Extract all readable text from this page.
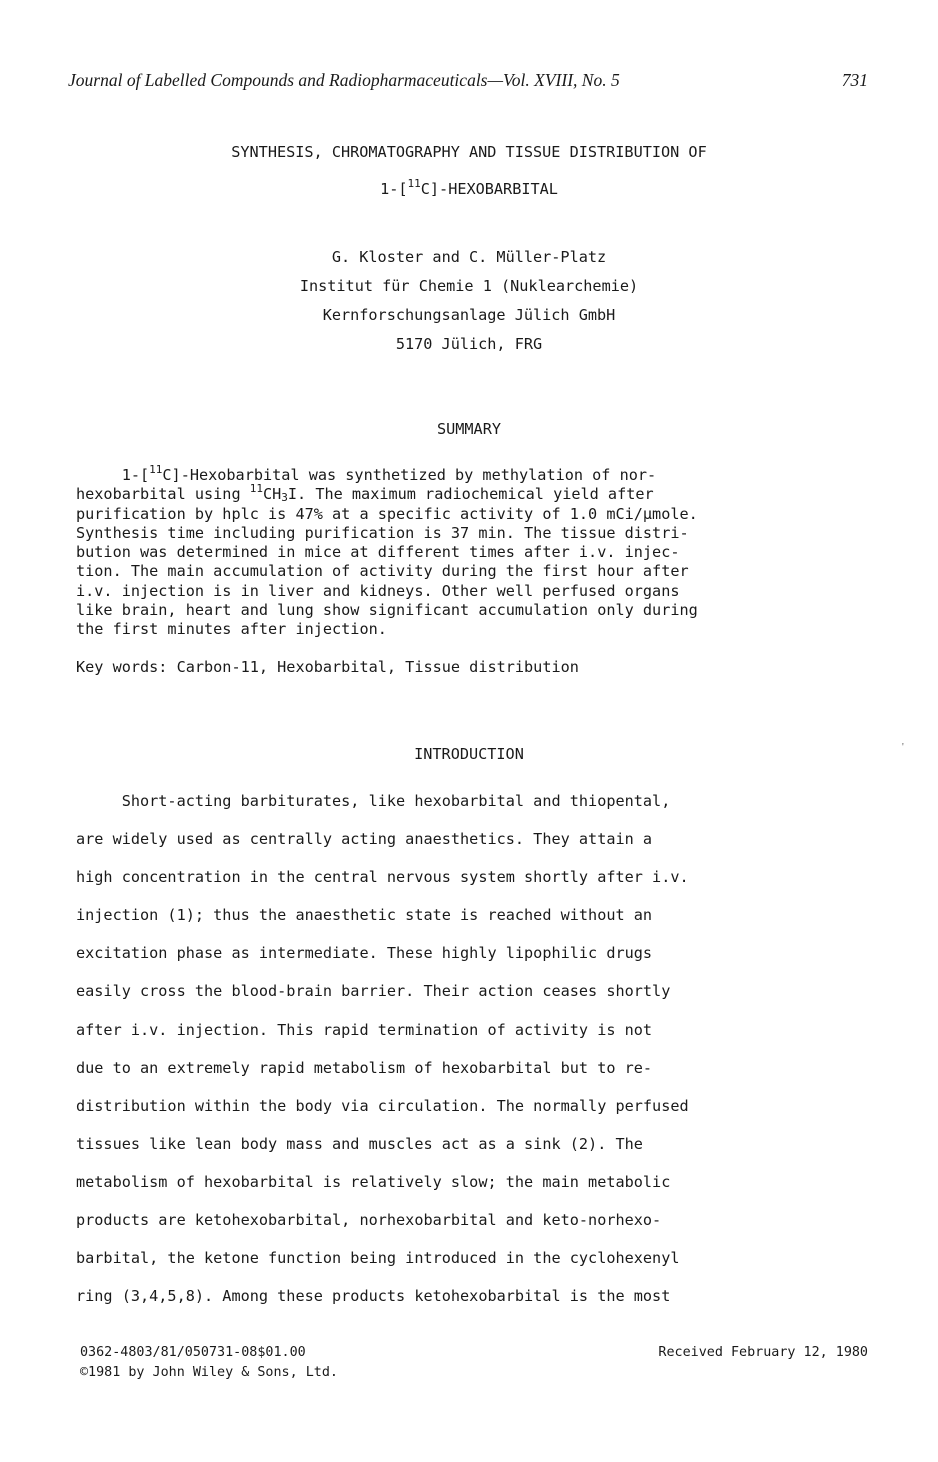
Journal of Labelled Compounds and Radiopharmaceuticals—Vol. XVIII, No. 5	731
SYNTHESIS, CHROMATOGRAPHY AND TISSUE DISTRIBUTION OF
1-[$^{11}$C]-HEXOBARBITAL
G. Kloster and C. Müller-Platz
Institut für Chemie 1 (Nuklearchemie)
Kernforschungsanlage Jülich GmbH
5170 Jülich, FRG
SUMMARY
1-[$^{11}$C]-Hexobarbital was synthetized by methylation of nor-
hexobarbital using $^{11}CH_3I$. The maximum radiochemical yield after
purification by hplc is 47% at a specific activity of 1.0 mCi/µmole.
Synthesis time including purification is 37 min. The tissue distri-
bution was determined in mice at different times after i.v. injec-
tion. The main accumulation of activity during the first hour after
i.v. injection is in liver and kidneys. Other well perfused organs
like brain, heart and lung show significant accumulation only during
the first minutes after injection.
Key words: Carbon-11, Hexobarbital, Tissue distribution
INTRODUCTION
Short-acting barbiturates, like hexobarbital and thiopental,
are widely used as centrally acting anaesthetics. They attain a
high concentration in the central nervous system shortly after i.v.
injection (1); thus the anaesthetic state is reached without an
excitation phase as intermediate. These highly lipophilic drugs
easily cross the blood-brain barrier. Their action ceases shortly
after i.v. injection. This rapid termination of activity is not
due to an extremely rapid metabolism of hexobarbital but to re-
distribution within the body via circulation. The normally perfused
tissues like lean body mass and muscles act as a sink (2). The
metabolism of hexobarbital is relatively slow; the main metabolic
products are ketohexobarbital, norhexobarbital and keto-norhexo-
barbital, the ketone function being introduced in the cyclohexenyl
ring (3,4,5,8). Among these products ketohexobarbital is the most
'
0362-4803/81/050731-08$01.00
©1981 by John Wiley & Sons, Ltd.
Received February 12, 1980
